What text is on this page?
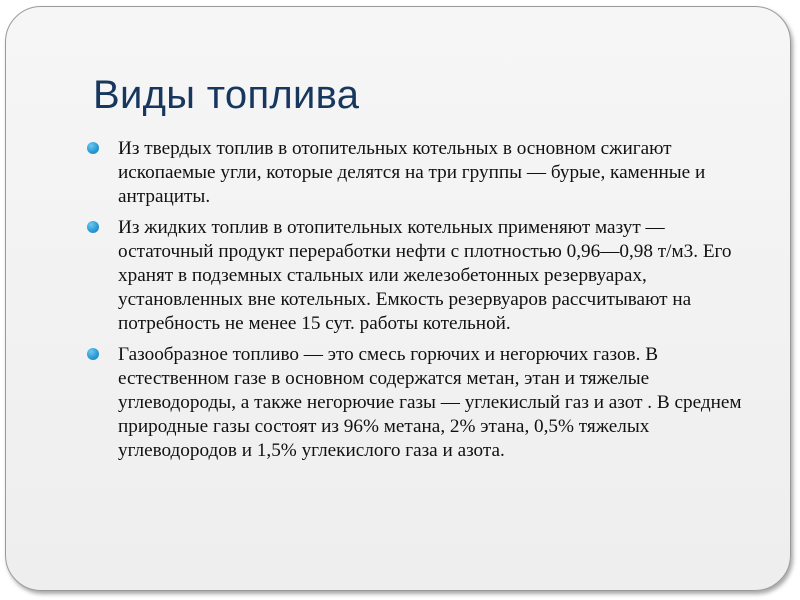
Виды топлива
Из твердых топлив в отопительных котельных в основном сжигают ископаемые угли, которые делятся на три группы — бурые, каменные и антрациты.
Из жидких топлив в отопительных котельных применяют мазут — остаточный продукт переработки нефти с плотностью 0,96—0,98 т/м3. Его хранят в подземных стальных или железобетонных резервуарах, установленных вне котельных. Емкость резервуаров рассчитывают на потребность не менее 15 сут. работы котельной.
Газообразное топливо — это смесь горючих и негорючих газов. В естественном газе в основном содержатся метан, этан и тяжелые углеводороды, а также негорючие газы — углекислый газ и азот . В среднем природные газы состоят из 96% метана, 2% этана, 0,5% тяжелых углеводородов и 1,5% углекислого газа и азота.
